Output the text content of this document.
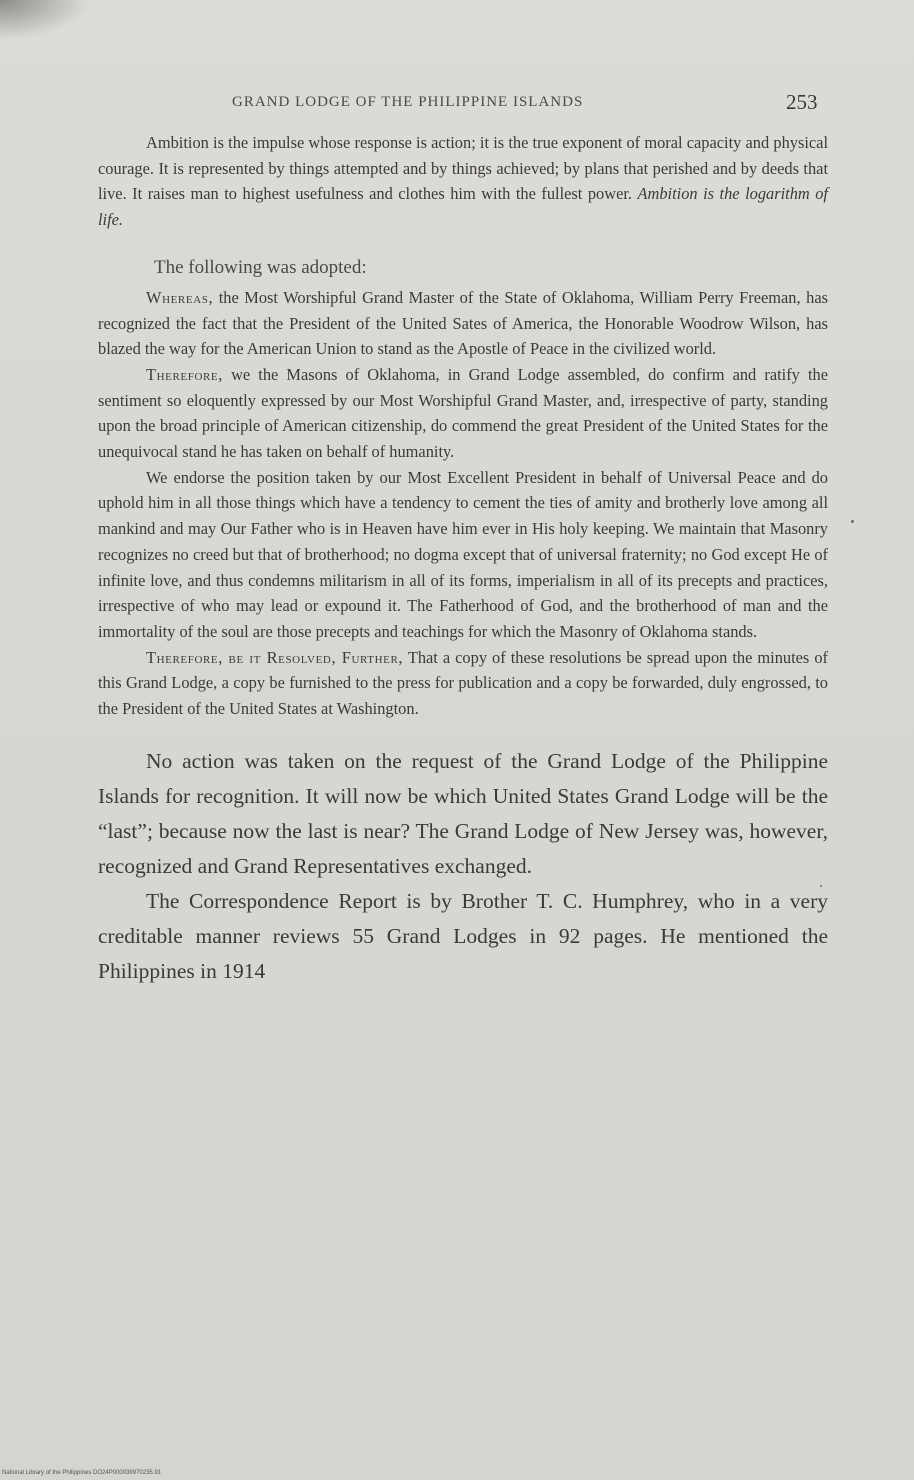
GRAND LODGE OF THE PHILIPPINE ISLANDS	253

Ambition is the impulse whose response is action; it is the true exponent of moral capacity and physical courage. It is represented by things attempted and by things achieved; by plans that perished and by deeds that live. It raises man to highest usefulness and clothes him with the fullest power. Ambition is the logarithm of life.

The following was adopted:

Whereas, the Most Worshipful Grand Master of the State of Oklahoma, William Perry Freeman, has recognized the fact that the President of the United Sates of America, the Honorable Woodrow Wilson, has blazed the way for the American Union to stand as the Apostle of Peace in the civilized world.

Therefore, we the Masons of Oklahoma, in Grand Lodge assembled, do confirm and ratify the sentiment so eloquently expressed by our Most Worshipful Grand Master, and, irrespective of party, standing upon the broad principle of American citizenship, do commend the great President of the United States for the unequivocal stand he has taken on behalf of humanity.

We endorse the position taken by our Most Excellent President in behalf of Universal Peace and do uphold him in all those things which have a tendency to cement the ties of amity and brotherly love among all mankind and may Our Father who is in Heaven have him ever in His holy keeping. We maintain that Masonry recognizes no creed but that of brotherhood; no dogma except that of universal fraternity; no God except He of infinite love, and thus condemns militarism in all of its forms, imperialism in all of its precepts and practices, irrespective of who may lead or expound it. The Fatherhood of God, and the brotherhood of man and the immortality of the soul are those precepts and teachings for which the Masonry of Oklahoma stands.

Therefore, be it Resolved, Further, That a copy of these resolutions be spread upon the minutes of this Grand Lodge, a copy be furnished to the press for publication and a copy be forwarded, duly engrossed, to the President of the United States at Washington.

No action was taken on the request of the Grand Lodge of the Philippine Islands for recognition. It will now be which United States Grand Lodge will be the “last”; because now the last is near? The Grand Lodge of New Jersey was, however, recognized and Grand Representatives exchanged.

The Correspondence Report is by Brother T. C. Humphrey, who in a very creditable manner reviews 55 Grand Lodges in 92 pages. He mentioned the Philippines in 1914

National Library of the Philippines DO24P000039970235.91
